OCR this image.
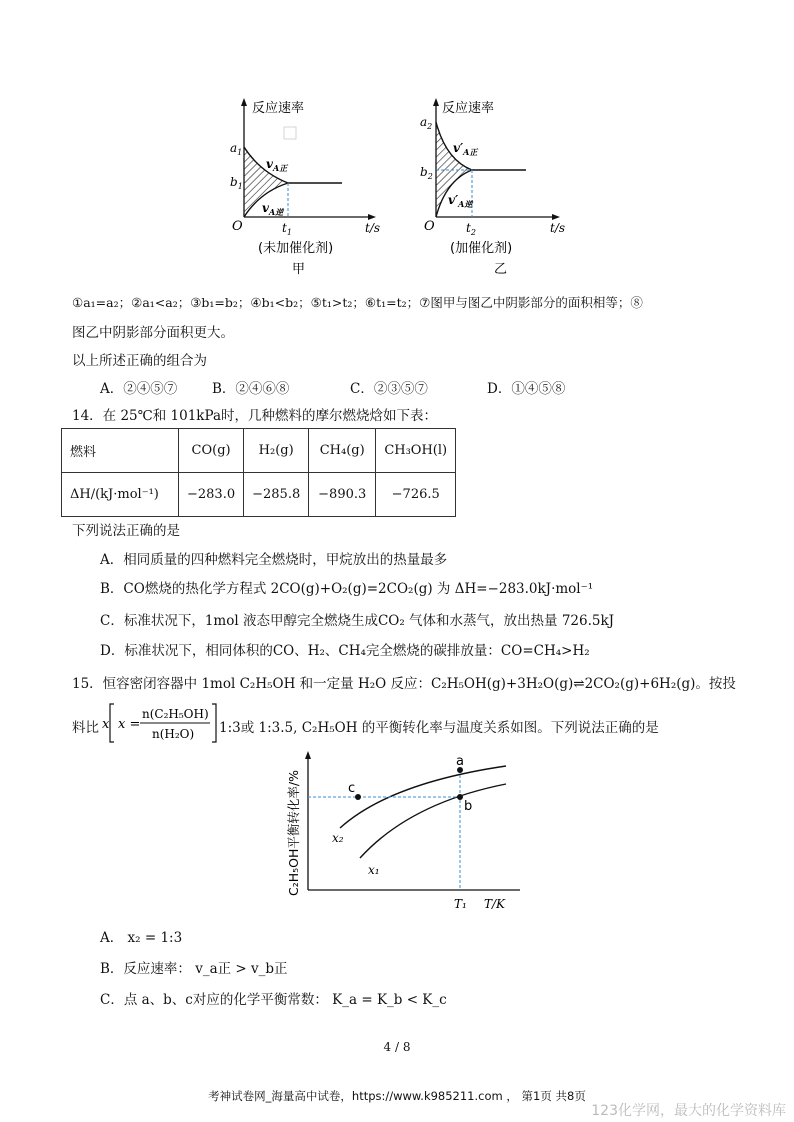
反应速率
$a_1$
$b_1$
O
$v_{A正}$
$v_{A逆}$
$t_1$	t/s
(未加催化剂)
甲
反应速率
$a_2$
$b_2$
O
$v'_{A正}$
$v'_{A逆}$
$t_2$	t/s
(加催化剂)
乙
①a₁=a₂；②a₁<a₂；③b₁=b₂；④b₁<b₂；⑤t₁>t₂；⑥t₁=t₂；⑦图甲与图乙中阴影部分的面积相等；⑧
图乙中阴影部分面积更大。
以上所述正确的组合为
A．②④⑤⑦	B．②④⑥⑧	C．②③⑤⑦	D．①④⑤⑧
14．在 25℃和 101kPa时，几种燃料的摩尔燃烧焓如下表：
燃料	CO(g)	H₂(g)	CH₄(g)	CH₃OH(l)
ΔH/(kJ·mol⁻¹)	−283.0	−285.8	−890.3	−726.5
下列说法正确的是
A．相同质量的四种燃料完全燃烧时，甲烷放出的热量最多
B．CO燃烧的热化学方程式 2CO(g)+O₂(g)=2CO₂(g) 为 ΔH=−283.0kJ·mol⁻¹
C．标准状况下，1mol 液态甲醇完全燃烧生成CO₂ 气体和水蒸气，放出热量 726.5kJ
D．标准状况下，相同体积的CO、H₂、CH₄完全燃烧的碳排放量：CO=CH₄>H₂
15．恒容密闭容器中 1mol C₂H₅OH 和一定量 H₂O 反应：C₂H₅OH(g)+3H₂O(g)⇌2CO₂(g)+6H₂(g)。按投
料比 x x =
n(C₂H₅OH)
n(H₂O) 1:3或 1:3.5, C₂H₅OH 的平衡转化率与温度关系如图。下列说法正确的是
a
b
c
x₂
x₁
T₁ T/K
C₂H₅OH平衡转化率/%
A． x₂ = 1:3
B．反应速率： v_a正 > v_b正
C．点 a、b、c对应的化学平衡常数： K_a = K_b < K_c
4 / 8
考神试卷网_海量高中试卷，https://www.k985211.com ， 第1页 共8页
123化学网，最大的化学资料库
